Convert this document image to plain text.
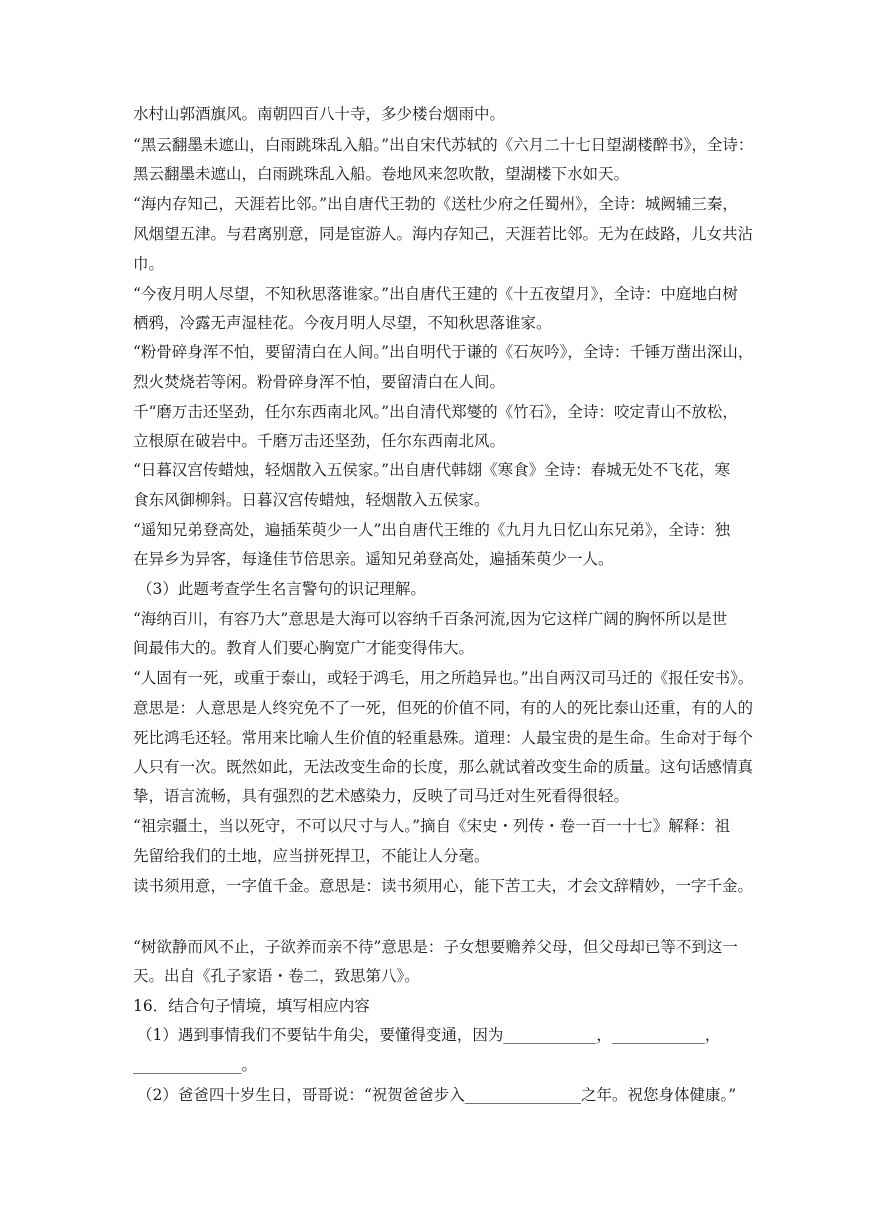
水村山郭酒旗风。南朝四百八十寺，多少楼台烟雨中。
“黑云翻墨未遮山，白雨跳珠乱入船。”出自宋代苏轼的《六月二十七日望湖楼醉书》，全诗：
黑云翻墨未遮山，白雨跳珠乱入船。卷地风来忽吹散，望湖楼下水如天。
“海内存知己，天涯若比邻。”出自唐代王勃的《送杜少府之任蜀州》，全诗：城阙辅三秦，
风烟望五津。与君离别意，同是宦游人。海内存知己，天涯若比邻。无为在歧路，儿女共沾
巾。
“今夜月明人尽望，不知秋思落谁家。”出自唐代王建的《十五夜望月》，全诗：中庭地白树
栖鸦，冷露无声湿桂花。今夜月明人尽望，不知秋思落谁家。
“粉骨碎身浑不怕，要留清白在人间。”出自明代于谦的《石灰吟》，全诗：千锤万凿出深山，
烈火焚烧若等闲。粉骨碎身浑不怕，要留清白在人间。
千“磨万击还坚劲，任尔东西南北风。”出自清代郑燮的《竹石》，全诗：咬定青山不放松，
立根原在破岩中。千磨万击还坚劲，任尔东西南北风。
“日暮汉宫传蜡烛，轻烟散入五侯家。”出自唐代韩翃《寒食》全诗：春城无处不飞花，寒
食东风御柳斜。日暮汉宫传蜡烛，轻烟散入五侯家。
“遥知兄弟登高处，遍插茱萸少一人”出自唐代王维的《九月九日忆山东兄弟》，全诗：独
在异乡为异客，每逢佳节倍思亲。遥知兄弟登高处，遍插茱萸少一人。
（3）此题考查学生名言警句的识记理解。
“海纳百川，有容乃大”意思是大海可以容纳千百条河流,因为它这样广阔的胸怀所以是世
间最伟大的。教育人们要心胸宽广才能变得伟大。
“人固有一死，或重于泰山，或轻于鸿毛，用之所趋异也。”出自两汉司马迁的《报任安书》。
意思是：人意思是人终究免不了一死，但死的价值不同，有的人的死比泰山还重，有的人的
死比鸿毛还轻。常用来比喻人生价值的轻重悬殊。道理：人最宝贵的是生命。生命对于每个
人只有一次。既然如此，无法改变生命的长度，那么就试着改变生命的质量。这句话感情真
挚，语言流畅，具有强烈的艺术感染力，反映了司马迁对生死看得很轻。
“祖宗疆土，当以死守，不可以尺寸与人。”摘自《宋史・列传・卷一百一十七》解释：祖
先留给我们的土地，应当拼死捍卫，不能让人分毫。
读书须用意，一字值千金。意思是：读书须用心，能下苦工夫，才会文辞精妙，一字千金。
“树欲静而风不止，子欲养而亲不待”意思是：子女想要赡养父母，但父母却已等不到这一
天。出自《孔子家语・卷二，致思第八》。
16．结合句子情境，填写相应内容
（1）遇到事情我们不要钻牛角尖，要懂得变通，因为____________，____________，
______________。
（2）爸爸四十岁生日，哥哥说：“祝贺爸爸步入_______________之年。祝您身体健康。”
